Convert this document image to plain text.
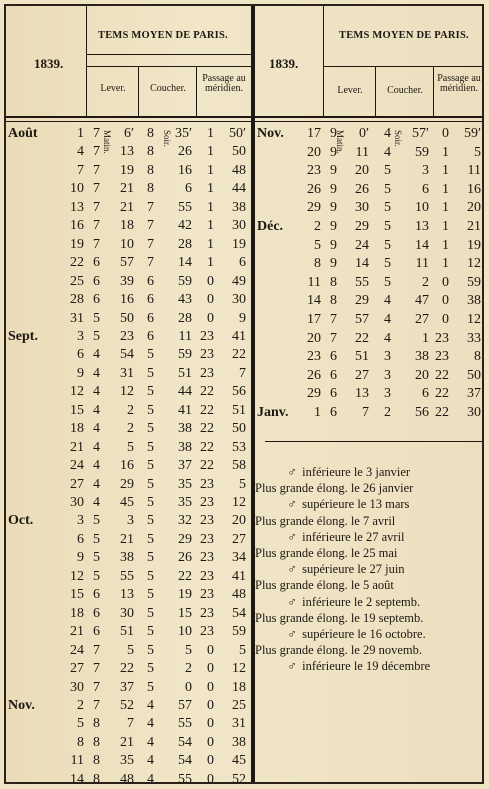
TEMS MOYEN DE PARIS.
1839.
Lever.	Coucher.
Passage au méridien.
Août	1 7	6′ 8	35′	1	50′
4 7	13 8	26	1	50
7 7	19 8	16	1	48
10 7	21 8	6	1	44
13 7	21 7	55	1	38
16 7	18 7	42	1	30
19 7	10 7	28	1	19
22 6	57 7	14	1	6
25 6	39 6	59	0	49
28 6	16 6	43	0	30
31 5	50 6	28	0	9
Sept.	3 5	23 6	11 23	41
6 4	54 5	59 23	22
9 4	31 5	51 23	7
12 4	12 5	44 22	56
15 4	2 5	41 22	51
18 4	2 5	38 22	50
21 4	5 5	38 22	53
24 4	16 5	37 22	58
27 4	29 5	35 23	5
30 4	45 5	35 23	12
Oct.	3 5	3 5	32 23	20
6 5	21 5	29 23	27
9 5	38 5	26 23	34
12 5	55 5	22 23	41
15 6	13 5	19 23	48
18 6	30 5	15 23	54
21 6	51 5	10 23	59
24 7	5 5	5	0	5
27 7	22 5	2	0	12
30 7	37 5	0	0	18
Nov.	2 7	52 4	57	0	25
5 8	7 4	55	0	31
8 8	21 4	54	0	38
11 8	35 4	54	0	45
14 8	48 4	55	0	52
Matin.	Soir.
TEMS MOYEN DE PARIS.
1839.
Lever.	Coucher.
Passage au méridien.
Nov.	17 9	0′	4	57′ 0	59′
20 9	11	4	59 1	5
23 9	20	5	3 1	11
26 9	26	5	6 1	16
29 9	30	5	10 1	20
Déc.	2 9	29	5	13 1	21
5 9	24	5	14 1	19
8 9	14	5	11 1	12
11 8	55	5	2 0	59
14 8	29	4	47 0	38
17 7	57	4	27 0	12
20 7	22	4	1 23	33
23 6	51	3	38 23	8
26 6	27	3	20 22	50
29 6	13	3	6 22	37
Janv.	1 6	7	2	56 22	30
Matin.	Soir.
♂ inférieure le 3 janvier
Plus grande élong. le 26 janvier
♂ supérieure le 13 mars
Plus grande élong. le 7 avril
♂ inférieure le 27 avril
Plus grande élong. le 25 mai
♂ supérieure le 27 juin
Plus grande élong. le 5 août
♂ inférieure le 2 septemb.
Plus grande élong. le 19 septemb.
♂ supérieure le 16 octobre.
Plus grande élong. le 29 novemb.
♂ inférieure le 19 décembre
